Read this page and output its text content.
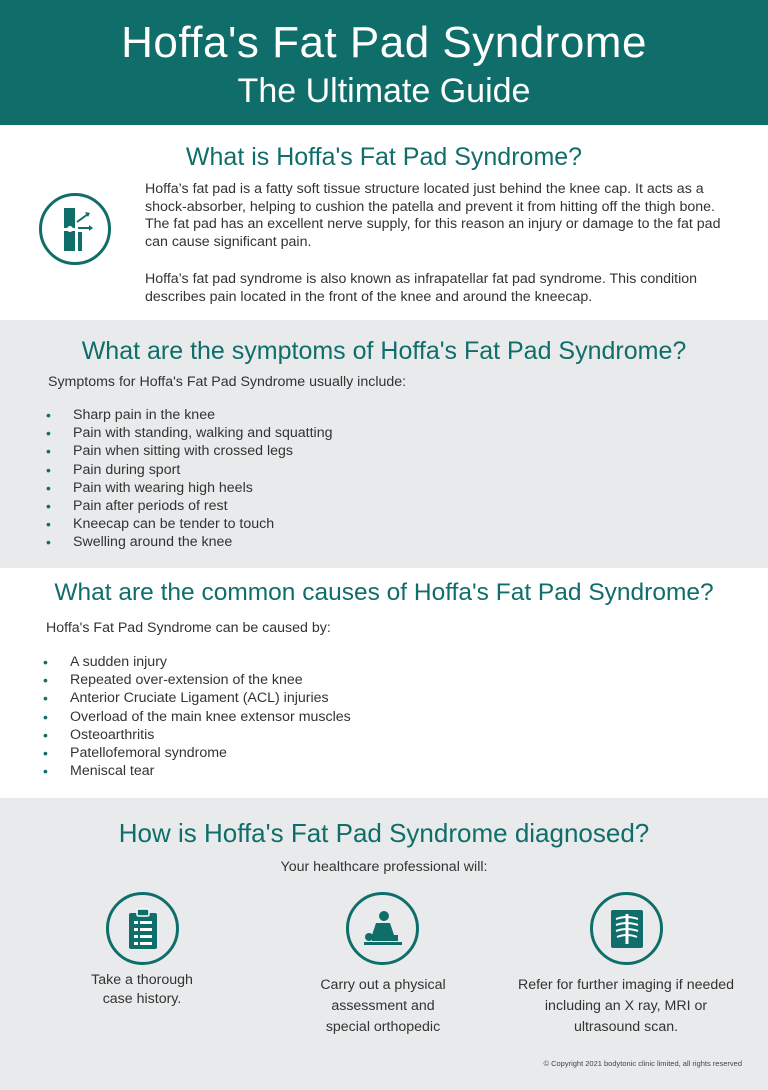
Hoffa's Fat Pad Syndrome
The Ultimate Guide
What is Hoffa's Fat Pad Syndrome?
Hoffa’s fat pad is a fatty soft tissue structure located just behind the knee cap. It acts as a shock-absorber, helping to cushion the patella and prevent it from hitting off the thigh bone. The fat pad has an excellent nerve supply, for this reason an injury or damage to the fat pad can cause significant pain.
Hoffa’s fat pad syndrome is also known as infrapatellar fat pad syndrome. This condition describes pain located in the front of the knee and around the kneecap.
What are the symptoms of Hoffa's Fat Pad Syndrome?
Symptoms for Hoffa's Fat Pad Syndrome usually include:
• Sharp pain in the knee
• Pain with standing, walking and squatting
• Pain when sitting with crossed legs
• Pain during sport
• Pain with wearing high heels
• Pain after periods of rest
• Kneecap can be tender to touch
• Swelling around the knee
What are the common causes of Hoffa's Fat Pad Syndrome?
Hoffa's Fat Pad Syndrome can be caused by:
• A sudden injury
• Repeated over-extension of the knee
• Anterior Cruciate Ligament (ACL) injuries
• Overload of the main knee extensor muscles
• Osteoarthritis
• Patellofemoral syndrome
• Meniscal tear
How is Hoffa's Fat Pad Syndrome diagnosed?
Your healthcare professional will:
Take a thorough
case history.
Carry out a physical
assessment and
special orthopedic
Refer for further imaging if needed
including an X ray, MRI or
ultrasound scan.
© Copyright 2021 bodytonic clinic limited, all rights reserved
